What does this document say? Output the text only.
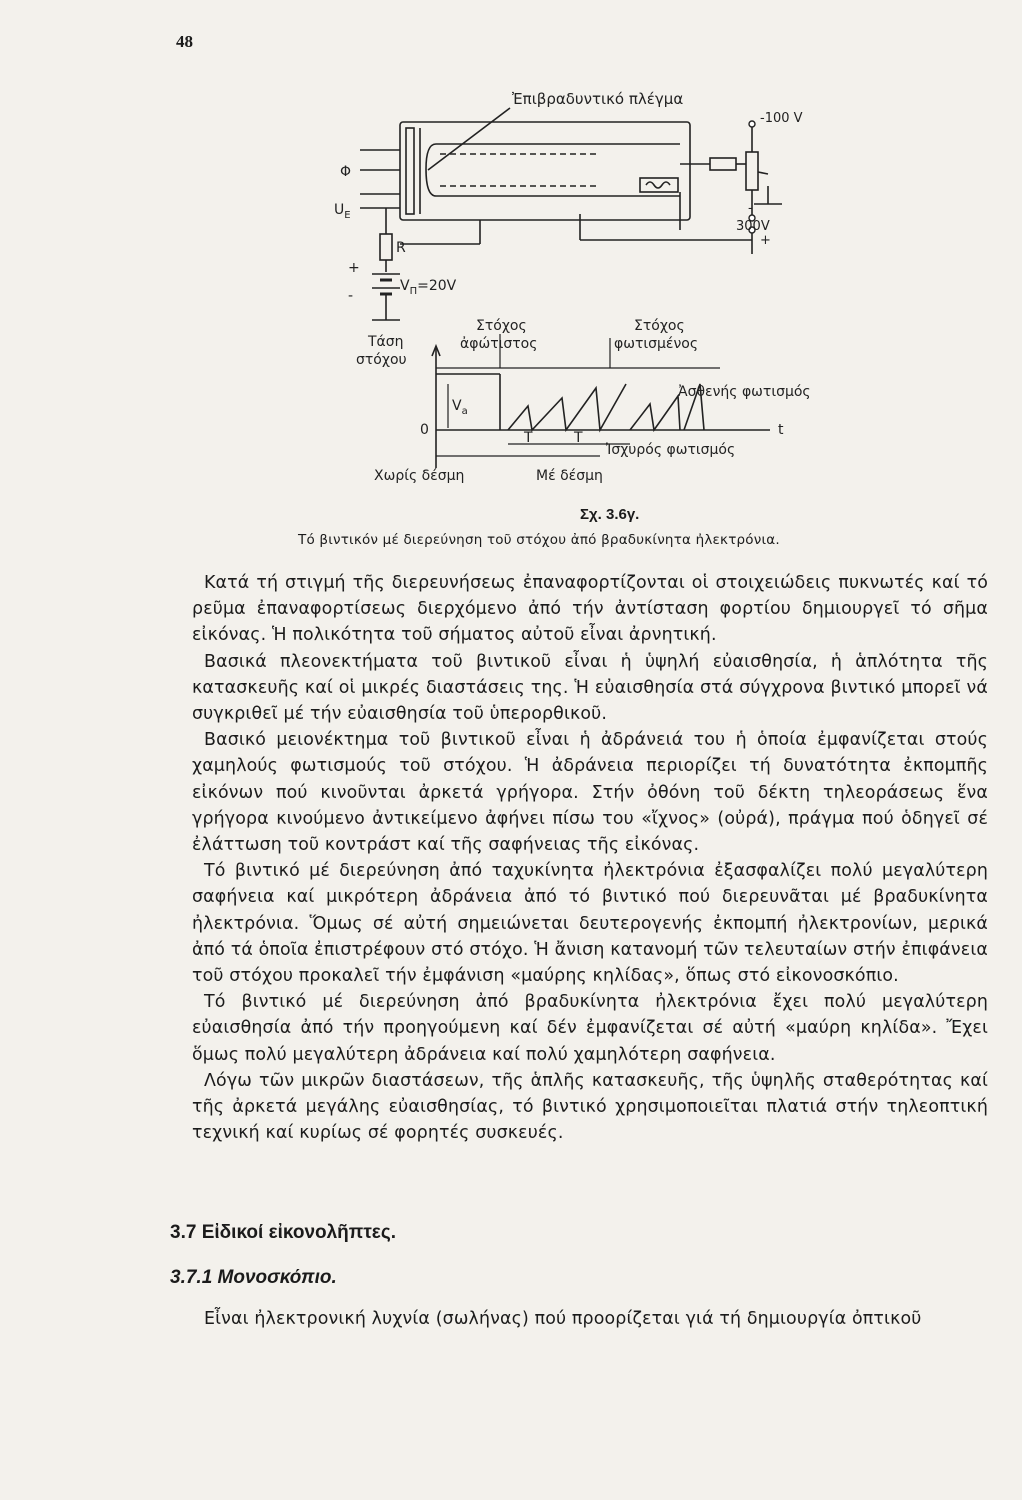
48
Ἐπιβραδυντικό πλέγμα
-100 V
-
300V
+
Φ
$U_E$
R
+
-
$V_\Pi=20V$
Στόχος
ἀφώτιστος
Στόχος
φωτισμένος
Τάση
στόχου
$V_a$
0	t
T	T
Ἀσθενής φωτισμός
Ἰσχυρός φωτισμός
Χωρίς δέσμη	Μέ δέσμη
Σχ. 3.6γ.
Τό βιντικόν μέ διερεύνηση τοῦ στόχου ἀπό βραδυκίνητα ἠλεκτρόνια.

Κατά τή στιγμή τῆς διερευνήσεως ἐπαναφορτίζονται οἱ στοιχειώδεις πυκνωτές καί τό ρεῦμα ἐπαναφορτίσεως διερχόμενο ἀπό τήν ἀντίσταση φορτίου δημιουργεῖ τό σῆμα εἰκόνας. Ἡ πολικότητα τοῦ σήματος αὐτοῦ εἶναι ἀρνητική.

Βασικά πλεονεκτήματα τοῦ βιντικοῦ εἶναι ἡ ὑψηλή εὐαισθησία, ἡ ἁπλότητα τῆς κατασκευῆς καί οἱ μικρές διαστάσεις της. Ἡ εὐαισθησία στά σύγχρονα βιντικό μπορεῖ νά συγκριθεῖ μέ τήν εὐαισθησία τοῦ ὑπερορθικοῦ.

Βασικό μειονέκτημα τοῦ βιντικοῦ εἶναι ἡ ἀδράνειά του ἡ ὁποία ἐμφανίζεται στούς χαμηλούς φωτισμούς τοῦ στόχου. Ἡ ἀδράνεια περιορίζει τή δυνατότητα ἐκπομπῆς εἰκόνων πού κινοῦνται ἀρκετά γρήγορα. Στήν ὀθόνη τοῦ δέκτη τηλεοράσεως ἕνα γρήγορα κινούμενο ἀντικείμενο ἀφήνει πίσω του «ἴχνος» (οὐρά), πράγμα πού ὁδηγεῖ σέ ἐλάττωση τοῦ κοντράστ καί τῆς σαφήνειας τῆς εἰκόνας.

Τό βιντικό μέ διερεύνηση ἀπό ταχυκίνητα ἠλεκτρόνια ἐξασφαλίζει πολύ μεγαλύτερη σαφήνεια καί μικρότερη ἀδράνεια ἀπό τό βιντικό πού διερευνᾶται μέ βραδυκίνητα ἠλεκτρόνια. Ὅμως σέ αὐτή σημειώνεται δευτερογενής ἐκπομπή ἠλεκτρονίων, μερικά ἀπό τά ὁποῖα ἐπιστρέφουν στό στόχο. Ἡ ἄνιση κατανομή τῶν τελευταίων στήν ἐπιφάνεια τοῦ στόχου προκαλεῖ τήν ἐμφάνιση «μαύρης κηλίδας», ὅπως στό εἰκονοσκόπιο.

Τό βιντικό μέ διερεύνηση ἀπό βραδυκίνητα ἠλεκτρόνια ἔχει πολύ μεγαλύτερη εὐαισθησία ἀπό τήν προηγούμενη καί δέν ἐμφανίζεται σέ αὐτή «μαύρη κηλίδα». Ἔχει ὅμως πολύ μεγαλύτερη ἀδράνεια καί πολύ χαμηλότερη σαφήνεια.

Λόγω τῶν μικρῶν διαστάσεων, τῆς ἁπλῆς κατασκευῆς, τῆς ὑψηλῆς σταθερότητας καί τῆς ἀρκετά μεγάλης εὐαισθησίας, τό βιντικό χρησιμοποιεῖται πλατιά στήν τηλεοπτική τεχνική καί κυρίως σέ φορητές συσκευές.

3.7 Εἰδικοί εἰκονολῆπτες.
3.7.1 Μονοσκόπιο.
Εἶναι ἠλεκτρονική λυχνία (σωλήνας) πού προορίζεται γιά τή δημιουργία ὀπτικοῦ
